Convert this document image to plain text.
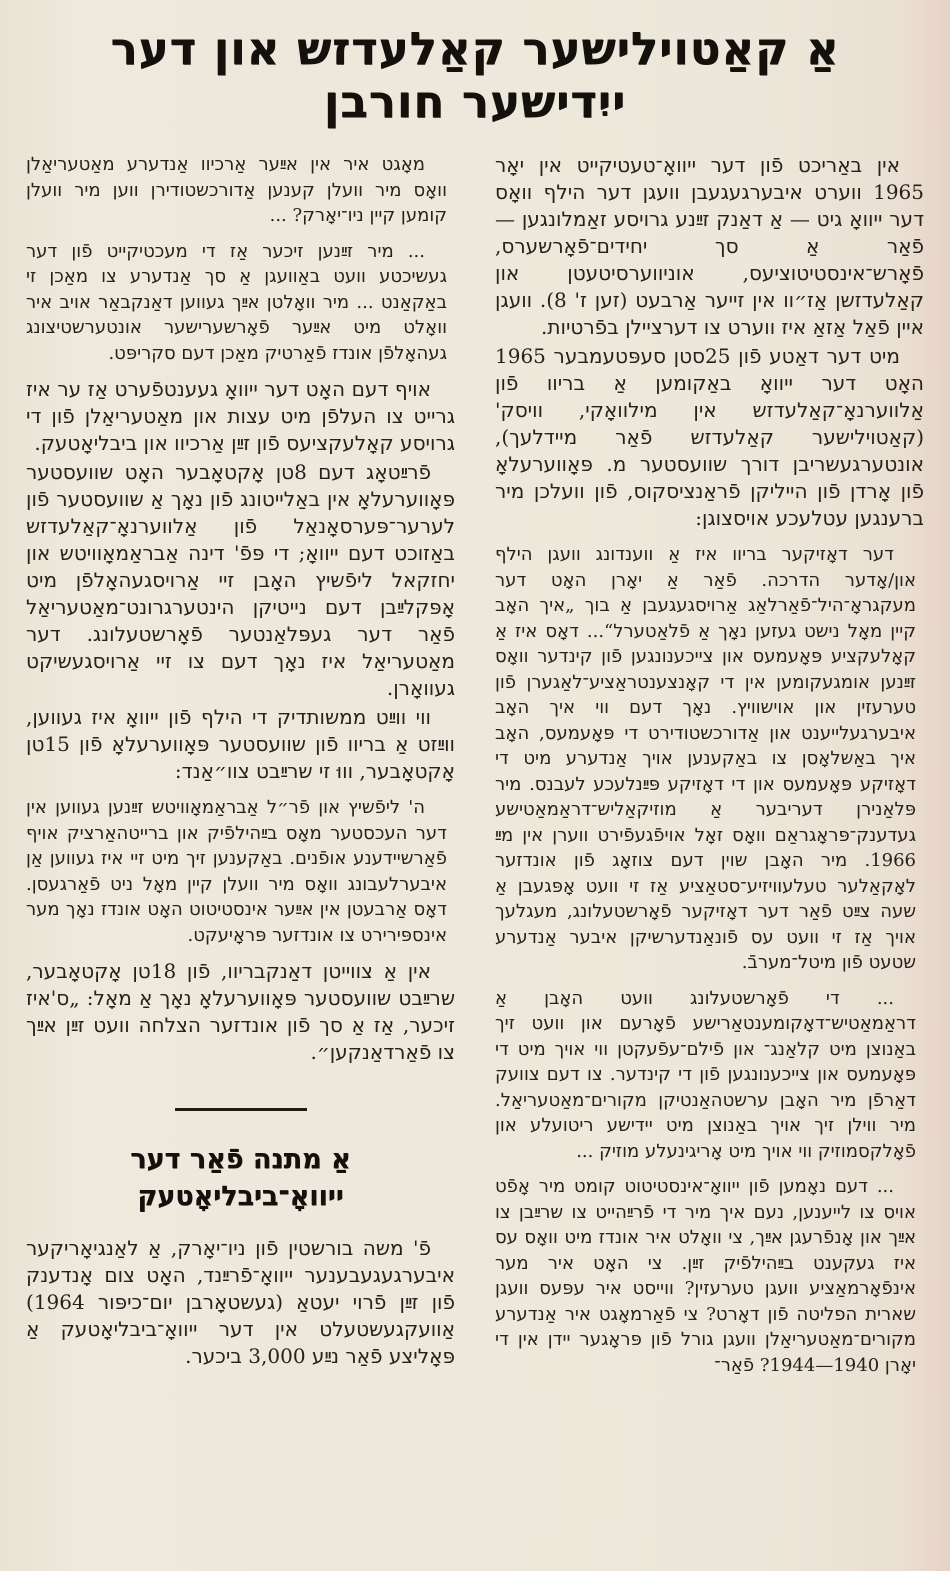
אַ קאַטוילישער קאַלעדזש און דער ייִדישער חורבן

אין באַריכט פֿון דער ייוואָ־טעטיקייט אין יאָר 1965 ווערט איבערגעגעבן וועגן דער הילף וואָס דער ייוואָ גיט — אַ דאַנק זײַנע גרויסע זאַמלונגען — פֿאַר אַ סך יחידים־פֿאָרשערס, פֿאָרש־אינסטיטוציעס, אוניווערסיטעטן און קאַלעדזשן אַז״וו אין זייער אַרבעט (זען ז' 8). וועגן איין פֿאַל אַזאַ איז ווערט צו דערציילן בפֿרטיות.

מיט דער דאַטע פֿון 25סטן סעפּטעמבער 1965 האָט דער ייוואָ באַקומען אַ בריוו פֿון אַלווערנאָ־קאַלעדזש אין מילוואָקי, וויסק' (קאַטוילישער קאַלעדזש פֿאַר מיידלעך), אונטערגעשריבן דורך שוועסטער מ. פּאָווערעלאָ פֿון אָרדן פֿון הייליקן פֿראַנציסקוס, פֿון וועלכן מיר ברענגען עטלעכע אויסצוגן:

דער דאָזיקער בריוו איז אַ ווענדונג וועגן הילף און/אָדער הדרכה. פֿאַר אַ יאָרן האָט דער מעקגראָ־היל־פֿאַרלאַג אַרויסגעגעבן אַ בוך „איך האָב קיין מאָל נישט געזען נאָך אַ פֿלאַטערל“... דאָס איז אַ קאָלעקציע פּאָעמעס און צייכענונגען פֿון קינדער וואָס זײַנען אומגעקומען אין די קאָנצענטראַציע־לאַגערן פֿון טערעזין און אוישוויץ. נאָך דעם ווי איך האָב איבערגעלייענט און אַדורכשטודירט די פּאָעמעס, האָב איך באַשלאָסן צו באַקענען אויך אַנדערע מיט די דאָזיקע פּאָעמעס און די דאָזיקע פּײַנלעכע לעבנס. מיר פּלאַנירן דעריבער אַ מוזיקאַליש־דראַמאַטישע געדענק־פּראָגראַם וואָס זאָל אויפֿגעפֿירט ווערן אין מײַ 1966. מיר האָבן שוין דעם צוזאָג פֿון אונדזער לאָקאַלער טעלעוויזיע־סטאַציע אַז זי וועט אָפּגעבן אַ שעה צײַט פֿאַר דער דאָזיקער פֿאָרשטעלונג, מעגלעך אויך אַז זי וועט עס פֿונאַנדערשיקן איבער אַנדערע שטעט פֿון מיטל־מערבֿ.

... די פֿאָרשטעלונג וועט האָבן אַ דראַמאַטיש־דאָקומענטאַרישע פֿאָרעם און וועט זיך באַנוצן מיט קלאַנג־ און פֿילם־עפֿעקטן ווי אויך מיט די פּאָעמעס און צייכענונגען פֿון די קינדער. צו דעם צוועק דאַרפֿן מיר האָבן ערשטהאַנטיקן מקורים־מאַטעריאַל. מיר ווילן זיך אויך באַנוצן מיט יידישע ריטועלע און פֿאָלקסמוזיק ווי אויך מיט אָריגינעלע מוזיק ...

... דעם נאָמען פֿון ייוואָ־אינסטיטוט קומט מיר אָפֿט אויס צו לייענען, נעם איך מיר די פֿרײַהייט צו שרײַבן צו אײַך און אָנפֿרעגן אײַך, צי וואָלט איר אונדז מיט וואָס עס איז געקענט בײַהילפֿיק זײַן. צי האָט איר מער אינפֿאָרמאַציע וועגן טערעזין? ווייסט איר עפּעס וועגן שארית הפליטה פֿון דאָרט? צי פֿאַרמאָגט איר אַנדערע מקורים־מאַטעריאַלן וועגן גורל פֿון פּראָגער יידן אין די יאָרן 1940—1944? פֿאַר־

מאָגט איר אין אײַער אַרכיוו אַנדערע מאַטעריאַלן וואָס מיר וועלן קענען אַדורכשטודירן ווען מיר וועלן קומען קיין ניו־יאָרק? ...

... מיר זײַנען זיכער אַז די מעכטיקייט פֿון דער געשיכטע וועט באַוועגן אַ סך אַנדערע צו מאַכן זי באַקאַנט ... מיר וואָלטן אײַך געווען דאַנקבאַר אויב איר וואָלט מיט אײַער פֿאָרשערישער אונטערשטיצונג געהאָלפֿן אונדז פֿאַרטיק מאַכן דעם סקריפּט.

אויף דעם האָט דער ייוואָ געענטפֿערט אַז ער איז גרייט צו העלפֿן מיט עצות און מאַטעריאַלן פֿון די גרויסע קאָלעקציעס פֿון זײַן אַרכיוו און ביבליאָטעק.

פֿרײַטאָג דעם 8טן אָקטאָבער האָט שוועסטער פּאָווערעלאָ אין באַלייטונג פֿון נאָך אַ שוועסטער פֿון לערער־פּערסאָנאַל פֿון אַלווערנאָ־קאַלעדזש באַזוכט דעם ייוואָ; די פּפֿ' דינה אַבראַמאָוויטש און יחזקאל ליפֿשיץ האָבן זיי אַרויסגעהאָלפֿן מיט אָפּקלײַבן דעם נייטיקן הינטערגרונט־מאַטעריאַל פֿאַר דער געפּלאַנטער פֿאָרשטעלונג. דער מאַטעריאַל איז נאָך דעם צו זיי אַרויסגעשיקט געוואָרן.

ווי ווײַט ממשותדיק די הילף פֿון ייוואָ איז געווען, ווײַזט אַ בריוו פֿון שוועסטער פּאָווערעלאָ פֿון 15טן אָקטאָבער, וווּ זי שרײַבט צוו״אַנד:

ה' ליפֿשיץ און פֿר״ל אַבראַמאָוויטש זײַנען געווען אין דער העכסטער מאָס בײַהילפֿיק און ברייטהאַרציק אויף פֿאַרשיידענע אופֿנים. באַקענען זיך מיט זיי איז געווען אַן איבערלעבונג וואָס מיר וועלן קיין מאָל ניט פֿאַרגעסן. דאָס אַרבעטן אין אײַער אינסטיטוט האָט אונדז נאָך מער אינספּירירט צו אונדזער פּראָיעקט.

אין אַ צווייטן דאַנקבריוו, פֿון 18טן אָקטאָבער, שרײַבט שוועסטער פּאָווערעלאָ נאָך אַ מאָל: „ס'איז זיכער, אַז אַ סך פֿון אונדזער הצלחה וועט זײַן אײַך צו פֿאַרדאַנקען״.

אַ מתנה פֿאַר דער
ייוואָ־ביבליאָטעק

פֿ' משה בורשטין פֿון ניו־יאָרק, אַ לאַנגיאָריקער איבערגעגעבענער ייוואָ־פֿרײַנד, האָט צום אָנדענק פֿון זײַן פֿרוי יעטאַ (געשטאָרבן יום־כיפּור 1964) אַוועקגעשטעלט אין דער ייוואָ־ביבליאָטעק אַ פּאָליצע פֿאַר נײַע 3,000 ביכער.
